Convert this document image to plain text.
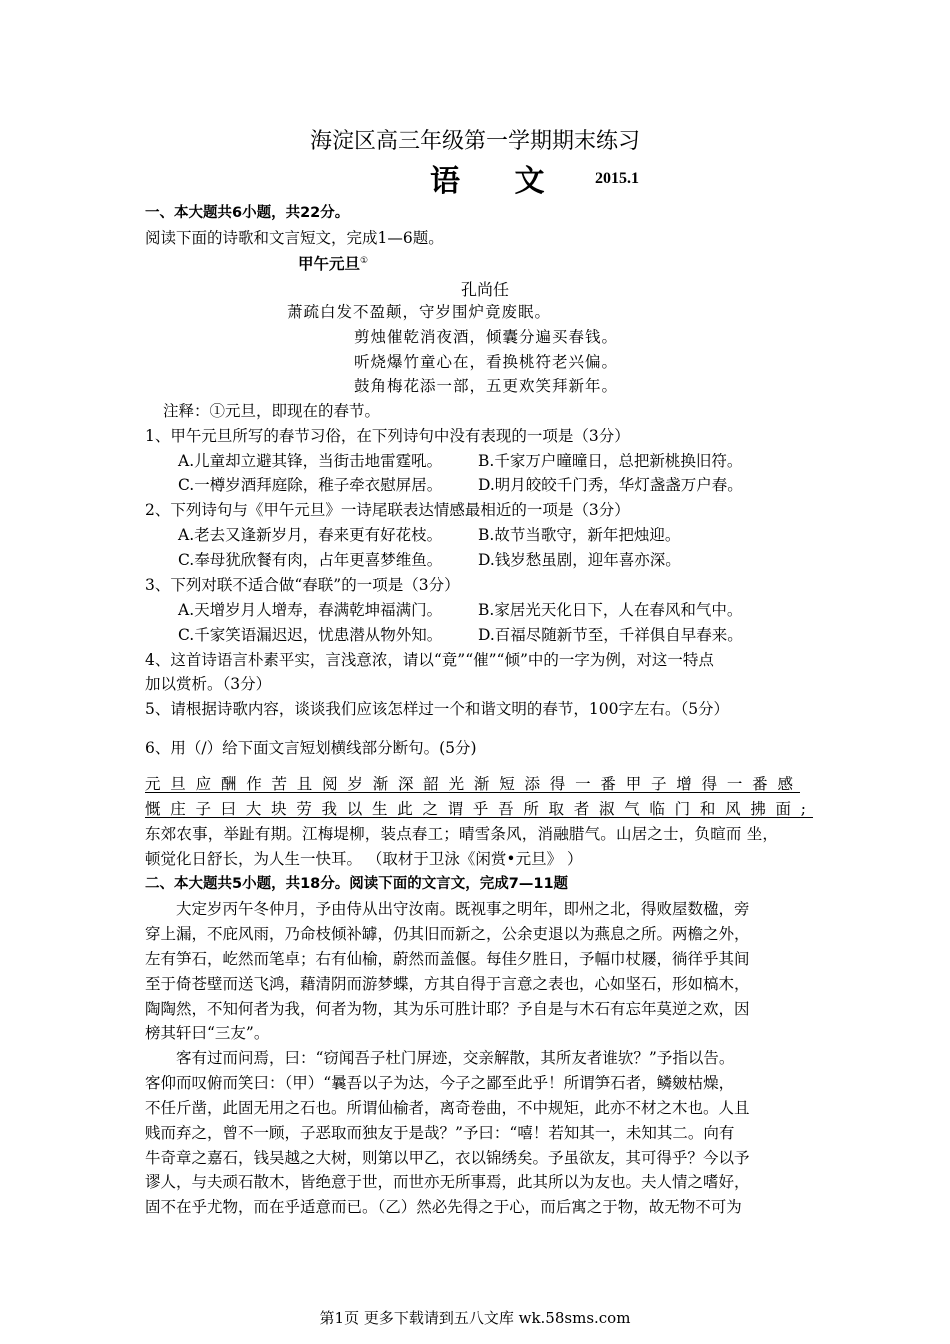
海淀区高三年级第一学期期末练习
语 文 2015.1
一、本大题共6小题，共22分。
阅读下面的诗歌和文言短文，完成1—6题。
甲午元旦①
孔尚任
萧疏白发不盈颠，守岁围炉竟废眠。
剪烛催乾消夜酒，倾囊分遍买春钱。
听烧爆竹童心在，看换桃符老兴偏。
鼓角梅花添一部，五更欢笑拜新年。
注释：①元旦，即现在的春节。
1、甲午元旦所写的春节习俗，在下列诗句中没有表现的一项是（3分）
A.儿童却立避其锋，当街击地雷霆吼。 B.千家万户曈曈日，总把新桃换旧符。
C.一樽岁酒拜庭除，稚子牵衣慰屏居。 D.明月皎皎千门秀，华灯盏盏万户春。
2、下列诗句与《甲午元旦》一诗尾联表达情感最相近的一项是（3分）
A.老去又逢新岁月，春来更有好花枝。 B.故节当歌守，新年把烛迎。
C.奉母犹欣餐有肉，占年更喜梦维鱼。 D.钱岁愁虽剧，迎年喜亦深。
3、下列对联不适合做“春联”的一项是（3分）
A.天增岁月人增寿，春满乾坤福满门。 B.家居光天化日下，人在春风和气中。
C.千家笑语漏迟迟，忧患潜从物外知。 D.百福尽随新节至，千祥俱自早春来。
4、这首诗语言朴素平实，言浅意浓，请以“竟”“催”“倾”中的一字为例，对这一特点
加以赏析。（3分）
5、请根据诗歌内容，谈谈我们应该怎样过一个和谐文明的春节，100字左右。（5分）
6、用（/）给下面文言短划横线部分断句。(5分)
元旦应酬作苦且阅岁渐深韶光渐短添得一番甲子增得一番感
慨庄子曰大块劳我以生此之谓乎吾所取者淑气临门和风拂面;
东郊农事，举趾有期。江梅堤柳，装点春工；晴雪条风，消融腊气。山居之士，负暄而 坐，
顿觉化日舒长，为人生一快耳。 （取材于卫泳《闲赏•元旦》 ）
二、本大题共5小题，共18分。阅读下面的文言文，完成7—11题
　　大定岁丙午冬仲月，予由侍从出守汝南。既视事之明年，即州之北，得败屋数楹，旁
穿上漏，不庇风雨，乃命枝倾补罅，仍其旧而新之，公余吏退以为燕息之所。两檐之外，
左有笋石，屹然而笔卓；右有仙榆，蔚然而盖偃。每佳夕胜日，予幅巾杖屦，徜徉乎其间
至于倚苍壁而送飞鸿，藉清阴而游梦蝶，方其自得于言意之表也，心如坚石，形如槁木，
陶陶然，不知何者为我，何者为物，其为乐可胜计耶？予自是与木石有忘年莫逆之欢，因
榜其轩曰“三友”。
　　客有过而问焉，曰：“窃闻吾子杜门屏迹，交亲解散，其所友者谁欤？”予指以告。
客仰而叹俯而笑曰：（甲）“曩吾以子为达，今子之鄙至此乎！所谓笋石者，鳞皴枯燥，
不任斤凿，此固无用之石也。所谓仙榆者，离奇卷曲，不中规矩，此亦不材之木也。人且
贱而弃之，曾不一顾，子恶取而独友于是哉？”予曰：“嘻！若知其一，未知其二。向有
牛奇章之嘉石，钱吴越之大树，则第以甲乙，衣以锦绣矣。予虽欲友，其可得乎？今以予
谬人，与夫顽石散木，皆绝意于世，而世亦无所事焉，此其所以为友也。夫人情之嗜好，
固不在乎尤物，而在乎适意而已。（乙）然必先得之于心，而后寓之于物，故无物不可为
第1页 更多下载请到五八文库 wk.58sms.com
